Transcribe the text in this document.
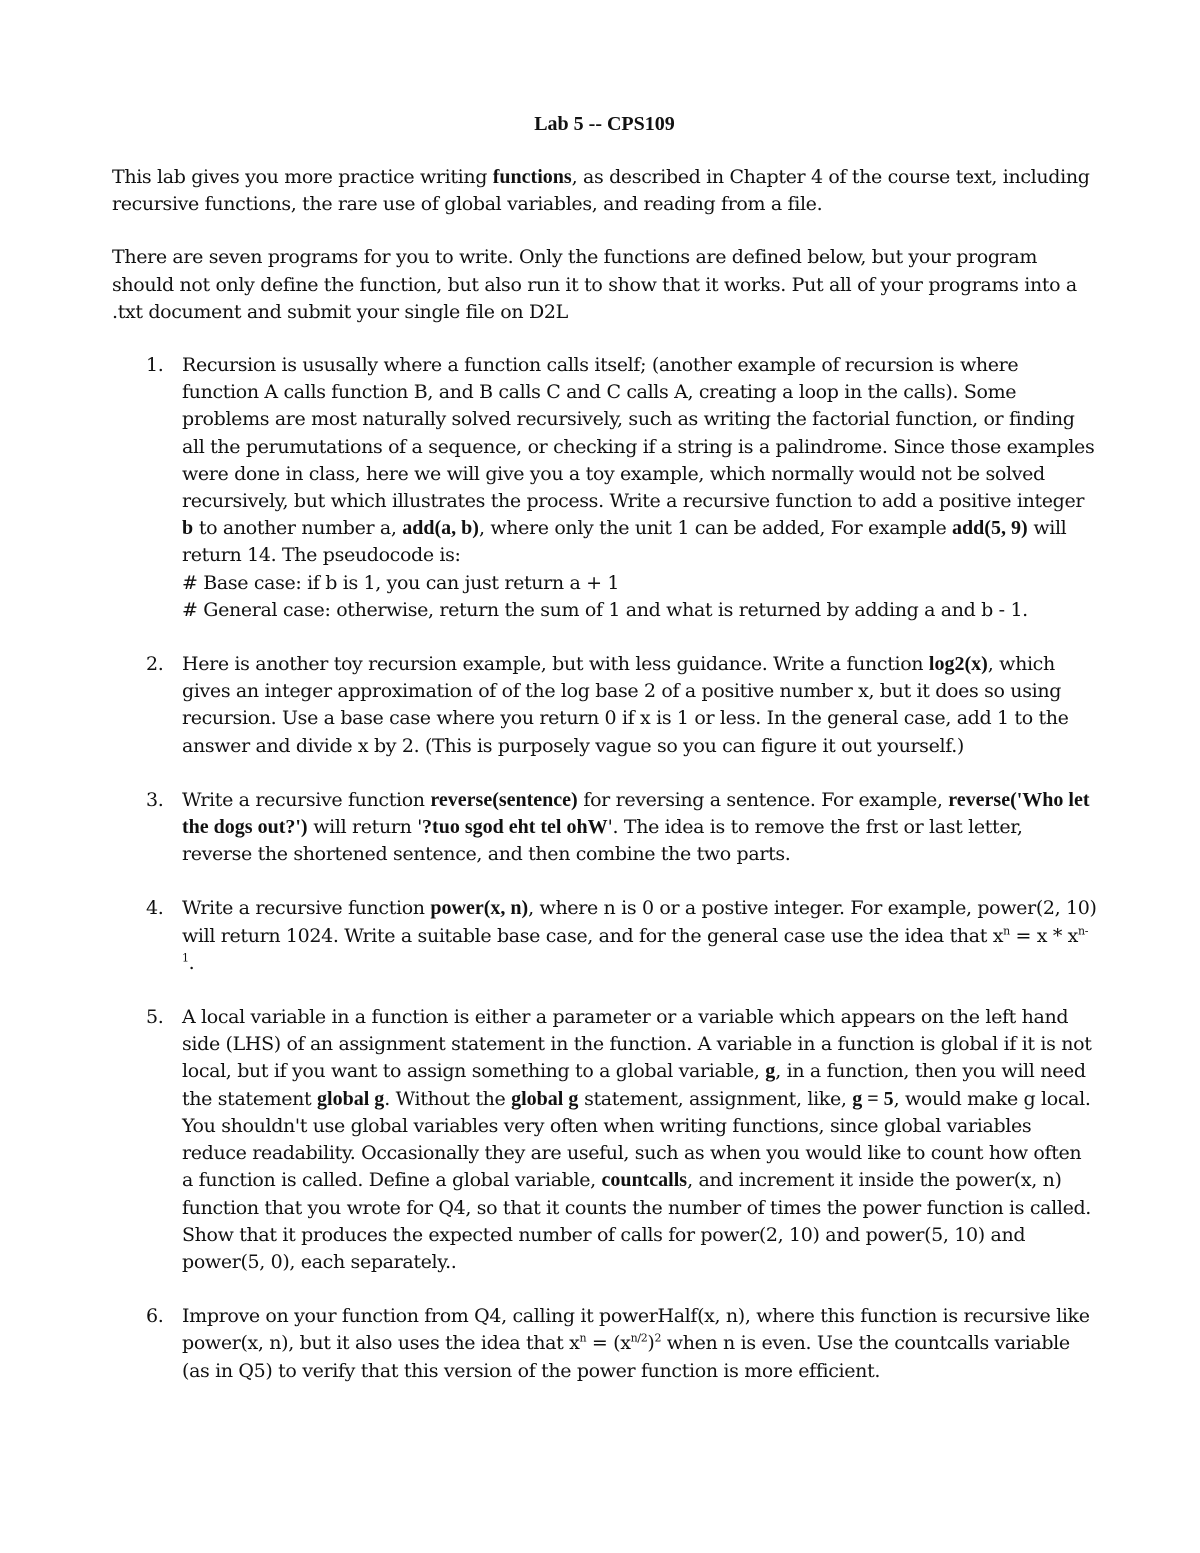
Lab 5 -- CPS109

This lab gives you more practice writing functions, as described in Chapter 4 of the course text, including recursive functions, the rare use of global variables, and reading from a file.

There are seven programs for you to write. Only the functions are defined below, but your program should not only define the function, but also run it to show that it works. Put all of your programs into a .txt document and submit your single file on D2L

1. Recursion is ususally where a function calls itself; (another example of recursion is where function A calls function B, and B calls C and C calls A, creating a loop in the calls). Some problems are most naturally solved recursively, such as writing the factorial function, or finding all the perumutations of a sequence, or checking if a string is a palindrome. Since those examples were done in class, here we will give you a toy example, which normally would not be solved recursively, but which illustrates the process. Write a recursive function to add a positive integer b to another number a, add(a, b), where only the unit 1 can be added, For example add(5, 9) will return 14. The pseudocode is:
# Base case: if b is 1, you can just return a + 1
# General case: otherwise, return the sum of 1 and what is returned by adding a and b - 1.
2. Here is another toy recursion example, but with less guidance. Write a function log2(x), which gives an integer approximation of of the log base 2 of a positive number x, but it does so using recursion. Use a base case where you return 0 if x is 1 or less. In the general case, add 1 to the answer and divide x by 2. (This is purposely vague so you can figure it out yourself.)
3. Write a recursive function reverse(sentence) for reversing a sentence. For example, reverse('Who let the dogs out?') will return '?tuo sgod eht tel ohW'. The idea is to remove the frst or last letter, reverse the shortened sentence, and then combine the two parts.
4. Write a recursive function power(x, n), where n is 0 or a postive integer. For example, power(2, 10) will return 1024. Write a suitable base case, and for the general case use the idea that $x^n = x * x^{n-1}$.
5. A local variable in a function is either a parameter or a variable which appears on the left hand side (LHS) of an assignment statement in the function. A variable in a function is global if it is not local, but if you want to assign something to a global variable, g, in a function, then you will need the statement global g. Without the global g statement, assignment, like, g = 5, would make g local. You shouldn't use global variables very often when writing functions, since global variables reduce readability. Occasionally they are useful, such as when you would like to count how often a function is called. Define a global variable, countcalls, and increment it inside the power(x, n) function that you wrote for Q4, so that it counts the number of times the power function is called. Show that it produces the expected number of calls for power(2, 10) and power(5, 10) and power(5, 0), each separately..
6. Improve on your function from Q4, calling it powerHalf(x, n), where this function is recursive like power(x, n), but it also uses the idea that $x^n = (x^{n/2})^2$ when n is even. Use the countcalls variable (as in Q5) to verify that this version of the power function is more efficient.
